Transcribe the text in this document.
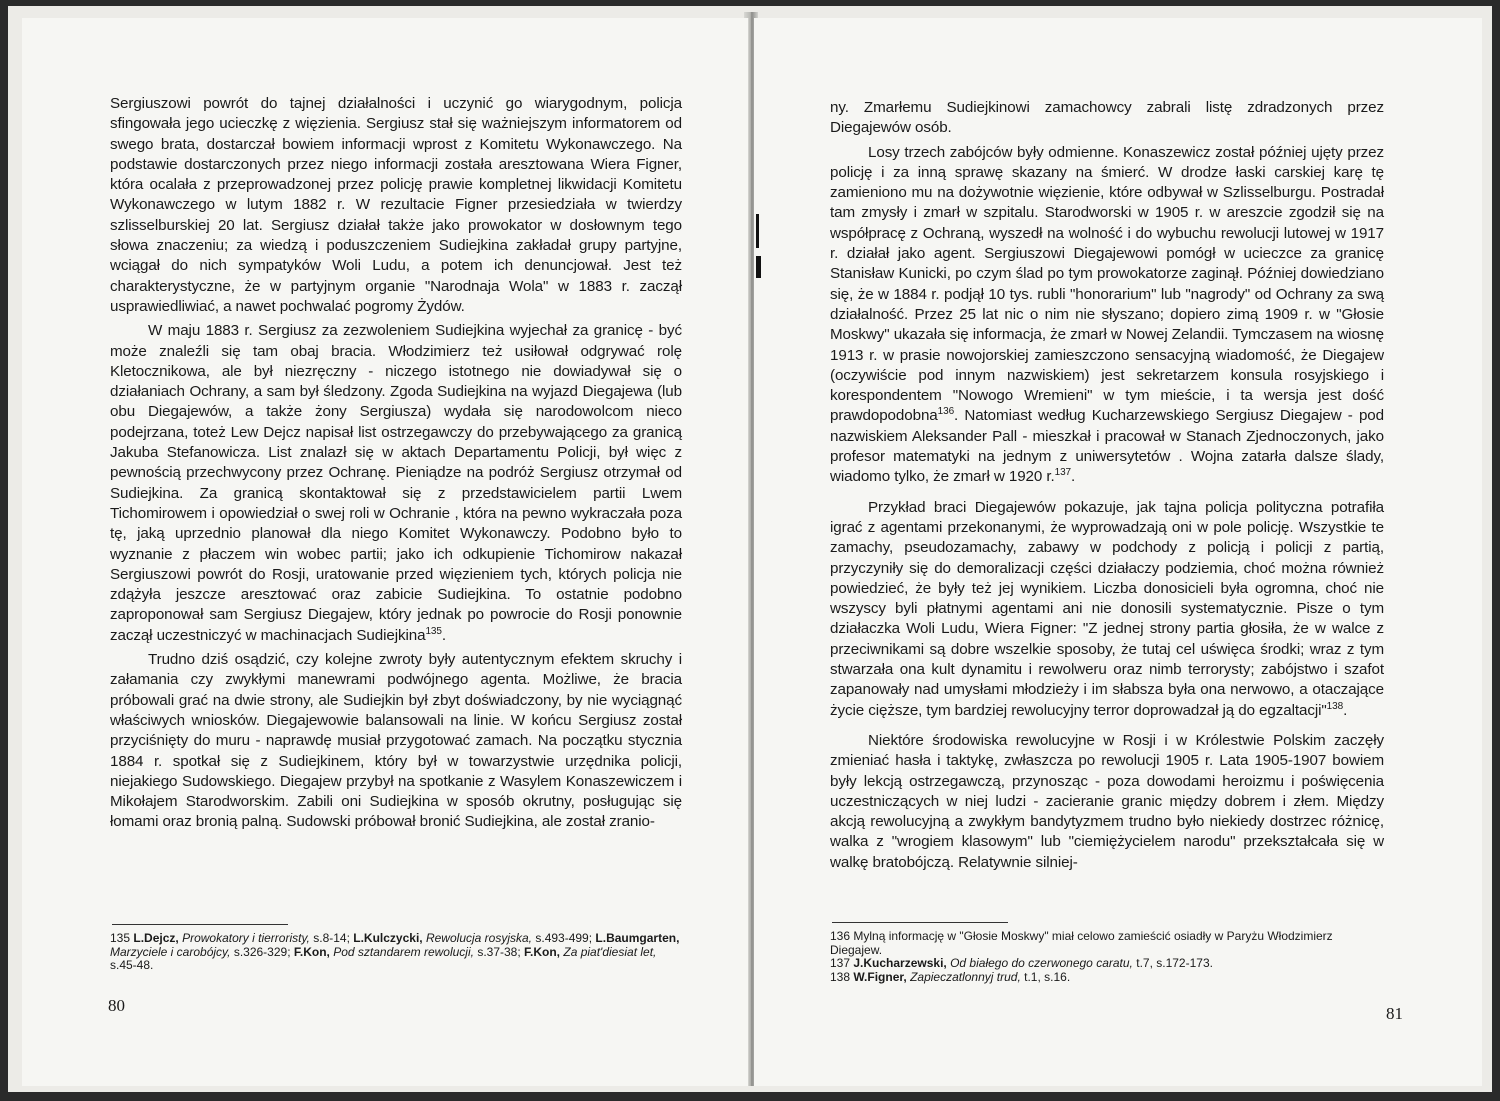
Sergiuszowi powrót do tajnej działalności i uczynić go wiarygodnym, policja sfingowała jego ucieczkę z więzienia. Sergiusz stał się ważniejszym informatorem od swego brata, dostarczał bowiem informacji wprost z Komitetu Wykonawczego. Na podstawie dostarczonych przez niego informacji została aresztowana Wiera Figner, która ocalała z przeprowadzonej przez policję prawie kompletnej likwidacji Komitetu Wykonawczego w lutym 1882 r. W rezultacie Figner przesiedziała w twierdzy szlisselburskiej 20 lat. Sergiusz działał także jako prowokator w dosłownym tego słowa znaczeniu; za wiedzą i poduszczeniem Sudiejkina zakładał grupy partyjne, wciągał do nich sympatyków Woli Ludu, a potem ich denuncjował. Jest też charakterystyczne, że w partyjnym organie "Narodnaja Wola" w 1883 r. zaczął usprawiedliwiać, a nawet pochwalać pogromy Żydów.

W maju 1883 r. Sergiusz za zezwoleniem Sudiejkina wyjechał za granicę - być może znaleźli się tam obaj bracia. Włodzimierz też usiłował odgrywać rolę Kletocznikowa, ale był niezręczny - niczego istotnego nie dowiadywał się o działaniach Ochrany, a sam był śledzony. Zgoda Sudiejkina na wyjazd Diegajewa (lub obu Diegajewów, a także żony Sergiusza) wydała się narodowolcom nieco podejrzana, toteż Lew Dejcz napisał list ostrzegawczy do przebywającego za granicą Jakuba Stefanowicza. List znalazł się w aktach Departamentu Policji, był więc z pewnością przechwycony przez Ochranę. Pieniądze na podróż Sergiusz otrzymał od Sudiejkina. Za granicą skontaktował się z przedstawicielem partii Lwem Tichomirowem i opowiedział o swej roli w Ochranie , która na pewno wykraczała poza tę, jaką uprzednio planował dla niego Komitet Wykonawczy. Podobno było to wyznanie z płaczem win wobec partii; jako ich odkupienie Tichomirow nakazał Sergiuszowi powrót do Rosji, uratowanie przed więzieniem tych, których policja nie zdążyła jeszcze aresztować oraz zabicie Sudiejkina. To ostatnie podobno zaproponował sam Sergiusz Diegajew, który jednak po powrocie do Rosji ponownie zaczął uczestniczyć w machinacjach Sudiejkina$^{135}$.

Trudno dziś osądzić, czy kolejne zwroty były autentycznym efektem skruchy i załamania czy zwykłymi manewrami podwójnego agenta. Możliwe, że bracia próbowali grać na dwie strony, ale Sudiejkin był zbyt doświadczony, by nie wyciągnąć właściwych wniosków. Diegajewowie balansowali na linie. W końcu Sergiusz został przyciśnięty do muru - naprawdę musiał przygotować zamach. Na początku stycznia 1884 r. spotkał się z Sudiejkinem, który był w towarzystwie urzędnika policji, niejakiego Sudowskiego. Diegajew przybył na spotkanie z Wasylem Konaszewiczem i Mikołajem Starodworskim. Zabili oni Sudiejkina w sposób okrutny, posługując się łomami oraz bronią palną. Sudowski próbował bronić Sudiejkina, ale został zranio-

135 L.Dejcz, Prowokatory i tierroristy, s.8-14; L.Kulczycki, Rewolucja rosyjska, s.493-499; L.Baumgarten, Marzyciele i carobójcy, s.326-329; F.Kon, Pod sztandarem rewolucji, s.37-38; F.Kon, Za piat'diesiat let, s.45-48.

80

ny. Zmarłemu Sudiejkinowi zamachowcy zabrali listę zdradzonych przez Diegajewów osób.

Losy trzech zabójców były odmienne. Konaszewicz został później ujęty przez policję i za inną sprawę skazany na śmierć. W drodze łaski carskiej karę tę zamieniono mu na dożywotnie więzienie, które odbywał w Szlisselburgu. Postradał tam zmysły i zmarł w szpitalu. Starodworski w 1905 r. w areszcie zgodził się na współpracę z Ochraną, wyszedł na wolność i do wybuchu rewolucji lutowej w 1917 r. działał jako agent. Sergiuszowi Diegajewowi pomógł w ucieczce za granicę Stanisław Kunicki, po czym ślad po tym prowokatorze zaginął. Później dowiedziano się, że w 1884 r. podjął 10 tys. rubli "honorarium" lub "nagrody" od Ochrany za swą działalność. Przez 25 lat nic o nim nie słyszano; dopiero zimą 1909 r. w "Głosie Moskwy" ukazała się informacja, że zmarł w Nowej Zelandii. Tymczasem na wiosnę 1913 r. w prasie nowojorskiej zamieszczono sensacyjną wiadomość, że Diegajew (oczywiście pod innym nazwiskiem) jest sekretarzem konsula rosyjskiego i korespondentem "Nowogo Wremieni" w tym mieście, i ta wersja jest dość prawdopodobna$^{136}$. Natomiast według Kucharzewskiego Sergiusz Diegajew - pod nazwiskiem Aleksander Pall - mieszkał i pracował w Stanach Zjednoczonych, jako profesor matematyki na jednym z uniwersytetów . Wojna zatarła dalsze ślady, wiadomo tylko, że zmarł w 1920 r.$^{137}$.

Przykład braci Diegajewów pokazuje, jak tajna policja polityczna potrafiła igrać z agentami przekonanymi, że wyprowadzają oni w pole policję. Wszystkie te zamachy, pseudozamachy, zabawy w podchody z policją i policji z partią, przyczyniły się do demoralizacji części działaczy podziemia, choć można również powiedzieć, że były też jej wynikiem. Liczba donosicieli była ogromna, choć nie wszyscy byli płatnymi agentami ani nie donosili systematycznie. Pisze o tym działaczka Woli Ludu, Wiera Figner: "Z jednej strony partia głosiła, że w walce z przeciwnikami są dobre wszelkie sposoby, że tutaj cel uświęca środki; wraz z tym stwarzała ona kult dynamitu i rewolweru oraz nimb terrorysty; zabójstwo i szafot zapanowały nad umysłami młodzieży i im słabsza była ona nerwowo, a otaczające życie cięższe, tym bardziej rewolucyjny terror doprowadzał ją do egzaltacji"$^{138}$.

Niektóre środowiska rewolucyjne w Rosji i w Królestwie Polskim zaczęły zmieniać hasła i taktykę, zwłaszcza po rewolucji 1905 r. Lata 1905-1907 bowiem były lekcją ostrzegawczą, przynosząc - poza dowodami heroizmu i poświęcenia uczestniczących w niej ludzi - zacieranie granic między dobrem i złem. Między akcją rewolucyjną a zwykłym bandytyzmem trudno było niekiedy dostrzec różnicę, walka z "wrogiem klasowym" lub "ciemiężycielem narodu" przekształcała się w walkę bratobójczą. Relatywnie silniej-

136 Mylną informację w "Głosie Moskwy" miał celowo zamieścić osiadły w Paryżu Włodzimierz Diegajew.

137 J.Kucharzewski, Od białego do czerwonego caratu, t.7, s.172-173.

138 W.Figner, Zapieczatlonnyj trud, t.1, s.16.

81
